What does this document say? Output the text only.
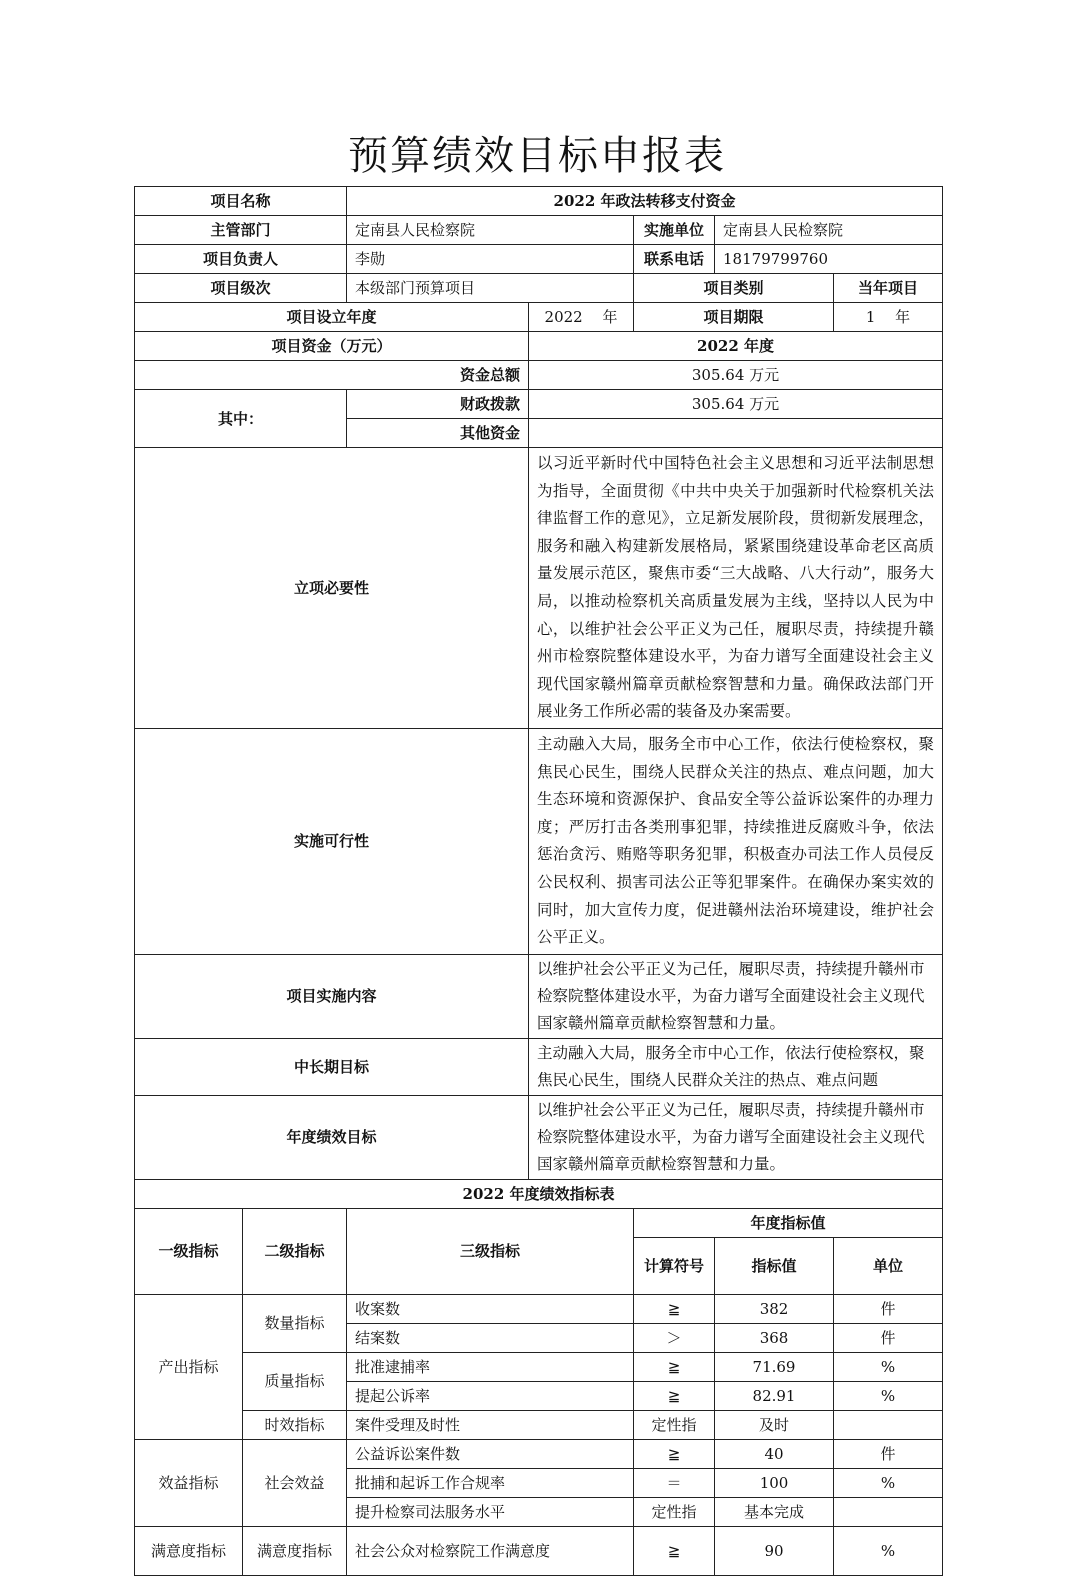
预算绩效目标申报表
项目名称		2022 年政法转移支付资金				
主管部门		定南县人民检察院		实施单位	定南县人民检察院	
项目负责人		李勋		联系电话	18179799760	
项目级次		本级部门预算项目		项目类别		当年项目
项目设立年度			2022　 年	项目期限		1　 年
项目资金（万元）			2022 年度			
		资金总额	305.64 万元			
其中：		财政拨款	305.64 万元			
		其他资金				
立项必要性			以习近平新时代中国特色社会主义思想和习近平法制思想为指导，全面贯彻《中共中央关于加强新时代检察机关法律监督工作的意见》，立足新发展阶段，贯彻新发展理念，服务和融入构建新发展格局，紧紧围绕建设革命老区高质量发展示范区，聚焦市委“三大战略、八大行动”，服务大局，以推动检察机关高质量发展为主线，坚持以人民为中心，以维护社会公平正义为己任，履职尽责，持续提升赣州市检察院整体建设水平，为奋力谱写全面建设社会主义现代国家赣州篇章贡献检察智慧和力量。确保政法部门开展业务工作所必需的装备及办案需要。			
实施可行性			主动融入大局，服务全市中心工作，依法行使检察权，聚焦民心民生，围绕人民群众关注的热点、难点问题，加大生态环境和资源保护、食品安全等公益诉讼案件的办理力度；严厉打击各类刑事犯罪，持续推进反腐败斗争，依法惩治贪污、贿赂等职务犯罪，积极查办司法工作人员侵反公民权利、损害司法公正等犯罪案件。在确保办案实效的同时，加大宣传力度，促进赣州法治环境建设，维护社会公平正义。			
项目实施内容			以维护社会公平正义为己任，履职尽责，持续提升赣州市检察院整体建设水平，为奋力谱写全面建设社会主义现代国家赣州篇章贡献检察智慧和力量。			
中长期目标			主动融入大局，服务全市中心工作，依法行使检察权，聚焦民心民生，围绕人民群众关注的热点、难点问题			
年度绩效目标			以维护社会公平正义为己任，履职尽责，持续提升赣州市检察院整体建设水平，为奋力谱写全面建设社会主义现代国家赣州篇章贡献检察智慧和力量。			
2022 年度绩效指标表						
一级指标	二级指标	三级指标		年度指标值		
				计算符号	指标值	单位
产出指标	数量指标	收案数		≧	382	件
		结案数		＞	368	件
	质量指标	批准逮捕率		≧	71.69	%
		提起公诉率		≧	82.91	%
	时效指标	案件受理及时性		定性指	及时	
效益指标	社会效益	公益诉讼案件数		≧	40	件
		批捕和起诉工作合规率		＝	100	%
		提升检察司法服务水平		定性指	基本完成	
满意度指标	满意度指标	社会公众对检察院工作满意度		≧	90	%
